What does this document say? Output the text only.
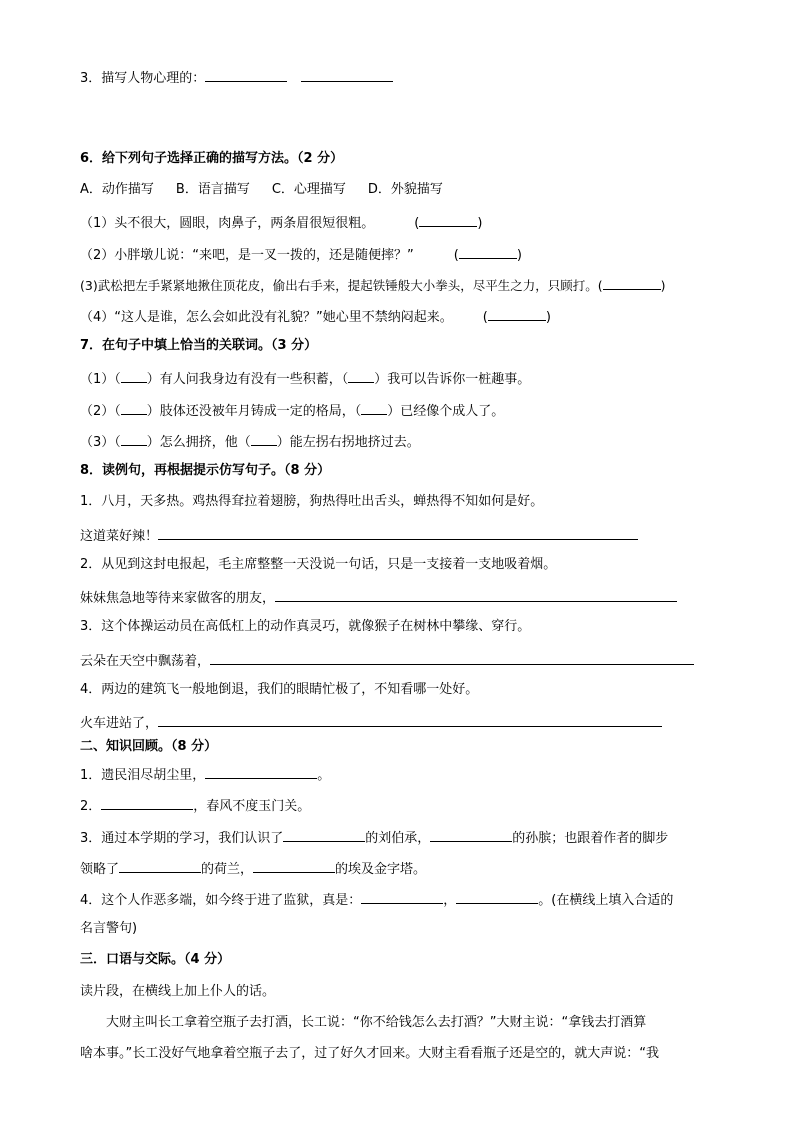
3．描写人物心理的：
6．给下列句子选择正确的描写方法。（2 分）
A．动作描写 B．语言描写 C．心理描写 D．外貌描写
（1）头不很大，圆眼，肉鼻子，两条眉很短很粗。	(	)
（2）小胖墩儿说：“来吧，是一叉一拨的，还是随便摔？”	(	)
(3)武松把左手紧紧地揪住顶花皮，偷出右手来，提起铁锤般大小拳头，尽平生之力，只顾打。(	)
（4）“这人是谁，怎么会如此没有礼貌？”她心里不禁纳闷起来。 (	)
7．在句子中填上恰当的关联词。（3 分）
（1）（ ）有人问我身边有没有一些积蓄，（ ）我可以告诉你一桩趣事。
（2）（ ）肢体还没被年月铸成一定的格局，（ ）已经像个成人了。
（3）（ ）怎么拥挤，他（ ）能左拐右拐地挤过去。
8．读例句，再根据提示仿写句子。（8 分）
1．八月，天多热。鸡热得耷拉着翅膀，狗热得吐出舌头，蝉热得不知如何是好。
这道菜好辣！
2．从见到这封电报起，毛主席整整一天没说一句话，只是一支接着一支地吸着烟。
妹妹焦急地等待来家做客的朋友，
3．这个体操运动员在高低杠上的动作真灵巧，就像猴子在树林中攀缘、穿行。
云朵在天空中飘荡着，
4．两边的建筑飞一般地倒退，我们的眼睛忙极了，不知看哪一处好。
火车进站了，
二、知识回顾。（8 分）
1．遗民泪尽胡尘里，	。
2．	，春风不度玉门关。
3．通过本学期的学习，我们认识了	的刘伯承，	的孙膑；也跟着作者的脚步
领略了	的荷兰，	的埃及金字塔。
4．这个人作恶多端，如今终于进了监狱，真是：	，	。(在横线上填入合适的
名言警句)
三．口语与交际。（4 分）
读片段，在横线上加上仆人的话。
大财主叫长工拿着空瓶子去打酒，长工说：“你不给钱怎么去打酒？”大财主说：“拿钱去打酒算
啥本事。”长工没好气地拿着空瓶子去了，过了好久才回来。大财主看看瓶子还是空的，就大声说：“我
